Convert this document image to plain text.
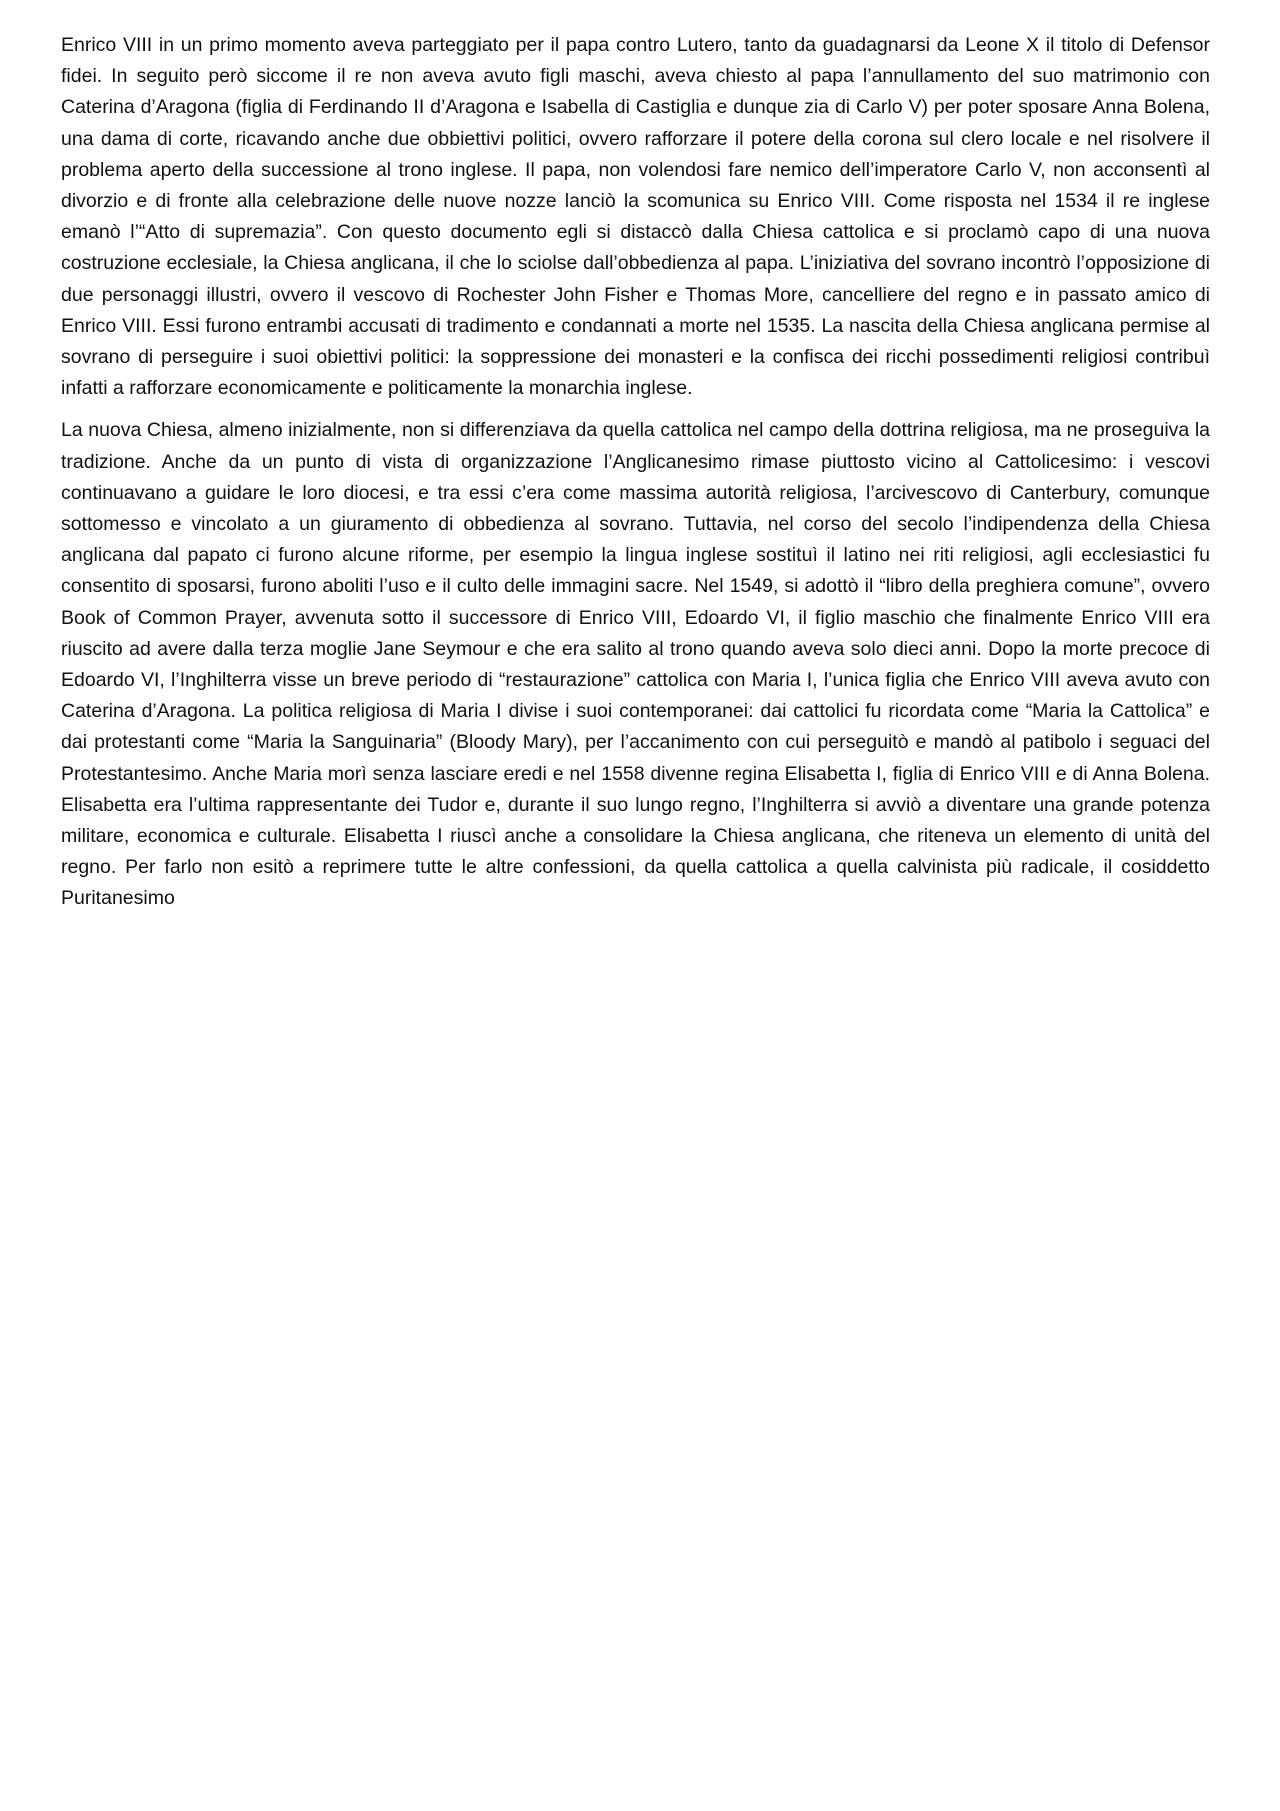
Enrico VIII in un primo momento aveva parteggiato per il papa contro Lutero, tanto da guadagnarsi da Leone X il titolo di Defensor fidei. In seguito però siccome il re non aveva avuto figli maschi, aveva chiesto al papa l’annullamento del suo matrimonio con Caterina d’Aragona (figlia di Ferdinando II d’Aragona e Isabella di Castiglia e dunque zia di Carlo V) per poter sposare Anna Bolena, una dama di corte, ricavando anche due obbiettivi politici, ovvero rafforzare il potere della corona sul clero locale e nel risolvere il problema aperto della successione al trono inglese. Il papa, non volendosi fare nemico dell’imperatore Carlo V, non acconsentì al divorzio e di fronte alla celebrazione delle nuove nozze lanciò la scomunica su Enrico VIII. Come risposta nel 1534 il re inglese emanò l’“Atto di supremazia”. Con questo documento egli si distaccò dalla Chiesa cattolica e si proclamò capo di una nuova costruzione ecclesiale, la Chiesa anglicana, il che lo sciolse dall’obbedienza al papa. L’iniziativa del sovrano incontrò l’opposizione di due personaggi illustri, ovvero il vescovo di Rochester John Fisher e Thomas More, cancelliere del regno e in passato amico di Enrico VIII. Essi furono entrambi accusati di tradimento e condannati a morte nel 1535. La nascita della Chiesa anglicana permise al sovrano di perseguire i suoi obiettivi politici: la soppressione dei monasteri e la confisca dei ricchi possedimenti religiosi contribuì infatti a rafforzare economicamente e politicamente la monarchia inglese.

La nuova Chiesa, almeno inizialmente, non si differenziava da quella cattolica nel campo della dottrina religiosa, ma ne proseguiva la tradizione. Anche da un punto di vista di organizzazione l’Anglicanesimo rimase piuttosto vicino al Cattolicesimo: i vescovi continuavano a guidare le loro diocesi, e tra essi c’era come massima autorità religiosa, l’arcivescovo di Canterbury, comunque sottomesso e vincolato a un giuramento di obbedienza al sovrano. Tuttavia, nel corso del secolo l’indipendenza della Chiesa anglicana dal papato ci furono alcune riforme, per esempio la lingua inglese sostituì il latino nei riti religiosi, agli ecclesiastici fu consentito di sposarsi, furono aboliti l’uso e il culto delle immagini sacre. Nel 1549, si adottò il “libro della preghiera comune”, ovvero Book of Common Prayer, avvenuta sotto il successore di Enrico VIII, Edoardo VI, il figlio maschio che finalmente Enrico VIII era riuscito ad avere dalla terza moglie Jane Seymour e che era salito al trono quando aveva solo dieci anni. Dopo la morte precoce di Edoardo VI, l’Inghilterra visse un breve periodo di “restaurazione” cattolica con Maria I, l’unica figlia che Enrico VIII aveva avuto con Caterina d’Aragona. La politica religiosa di Maria I divise i suoi contemporanei: dai cattolici fu ricordata come “Maria la Cattolica” e dai protestanti come “Maria la Sanguinaria” (Bloody Mary), per l’accanimento con cui perseguitò e mandò al patibolo i seguaci del Protestantesimo. Anche Maria morì senza lasciare eredi e nel 1558 divenne regina Elisabetta I, figlia di Enrico VIII e di Anna Bolena. Elisabetta era l’ultima rappresentante dei Tudor e, durante il suo lungo regno, l’Inghilterra si avviò a diventare una grande potenza militare, economica e culturale. Elisabetta I riuscì anche a consolidare la Chiesa anglicana, che riteneva un elemento di unità del regno. Per farlo non esitò a reprimere tutte le altre confessioni, da quella cattolica a quella calvinista più radicale, il cosiddetto Puritanesimo
